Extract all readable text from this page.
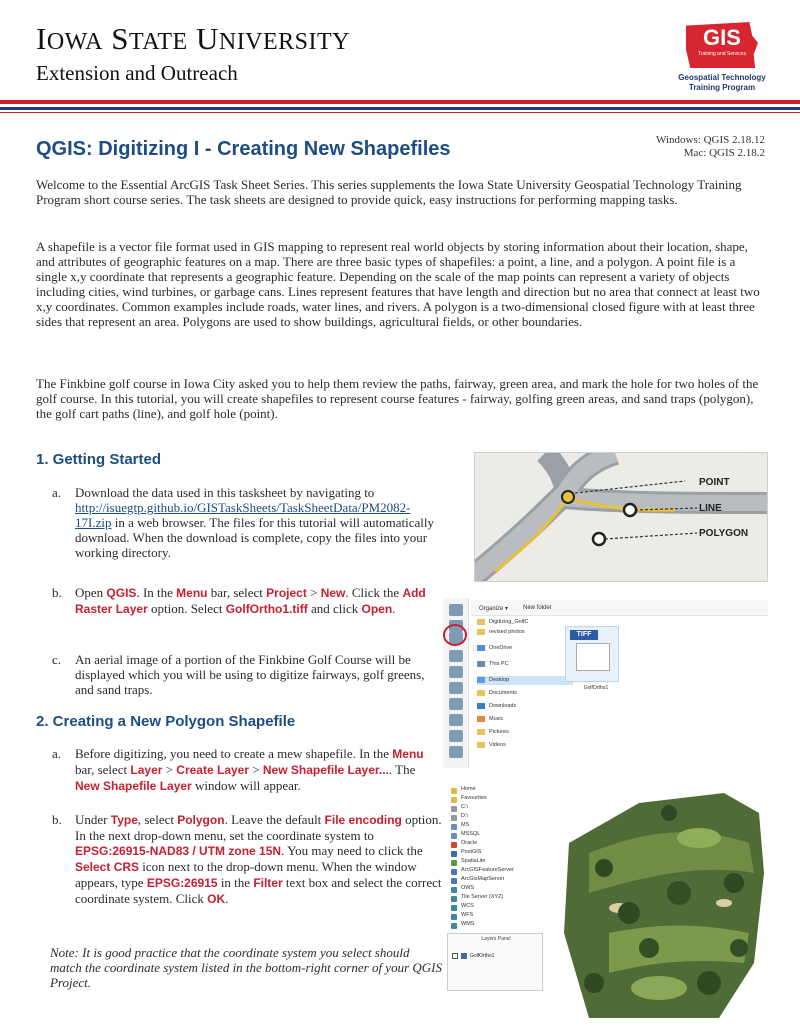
IOWA STATE UNIVERSITY
Extension and Outreach
GIS
Training and Services
Geospatial Technology
Training Program
QGIS: Digitizing I - Creating New Shapefiles	Windows: QGIS 2.18.12
Mac: QGIS 2.18.2

Welcome to the Essential ArcGIS Task Sheet Series. This series supplements the Iowa State University Geospatial Technology Training Program short course series. The task sheets are designed to provide quick, easy instructions for performing mapping tasks.

A shapefile is a vector file format used in GIS mapping to represent real world objects by storing information about their location, shape, and attributes of geographic features on a map. There are three basic types of shapefiles: a point, a line, and a polygon. A point file is a single x,y coordinate that represents a geographic feature. Depending on the scale of the map points can represent a variety of objects including cities, wind turbines, or garbage cans. Lines represent features that have length and direction but no area that connect at least two x,y coordinates. Common examples include roads, water lines, and rivers. A polygon is a two-dimensional closed figure with at least three sides that represent an area. Polygons are used to show buildings, agricultural fields, or other boundaries.

The Finkbine golf course in Iowa City asked you to help them review the paths, fairway, green area, and mark the hole for two holes of the golf course. In this tutorial, you will create shapefiles to represent course features - fairway, golfing green areas, and sand traps (polygon), the golf cart paths (line), and golf hole (point).

1. Getting Started
a. Download the data used in this tasksheet by navigating to http://isuegtp.github.io/GISTaskSheets/TaskSheetData/PM2082-17I.zip in a web browser. The files for this tutorial will automatically download. When the download is complete, copy the files into your working directory.
b. Open QGIS. In the Menu bar, select Project > New. Click the Add Raster Layer option. Select GolfOrtho1.tiff and click Open.
c. An aerial image of a portion of the Finkbine Golf Course will be displayed which you will be using to digitize fairways, golf greens, and sand traps.
2. Creating a New Polygon Shapefile
a. Before digitizing, you need to create a mew shapefile. In the Menu bar, select Layer > Create Layer > New Shapefile Layer.... The New Shapefile Layer window will appear.
b. Under Type, select Polygon. Leave the default File encoding option. In the next drop-down menu, set the coordinate system to EPSG:26915-NAD83 / UTM zone 15N. You may need to click the Select CRS icon next to the drop-down menu. When the window appears, type EPSG:26915 in the Filter text box and select the correct coordinate system. Click OK.

Note: It is good practice that the coordinate system you select should match the coordinate system listed in the bottom-right corner of your QGIS Project.

POINT
LINE
POLYGON
Organize ▾ New folder
Digitizing_GolfC
revised photos
OneDrive
This PC
Desktop
Documents
Downloads
Music
Pictures
Videos
TIFF
GolfOrtho1
Home
Favourites
C:\
D:\
MS
MSSQL
Oracle
PostGIS
SpatiaLite
ArcGISFeatureServer
ArcGisMapServer
OWS
Tile Server (XYZ)
WCS
WFS
WMS
Layers Panel
GolfOrtho1
